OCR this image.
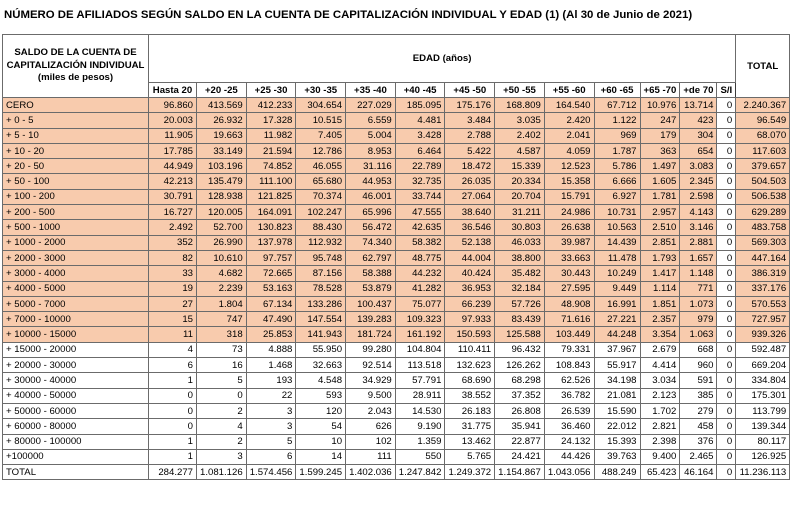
NÚMERO DE AFILIADOS SEGÚN SALDO EN LA CUENTA DE CAPITALIZACIÓN INDIVIDUAL Y EDAD (1) (Al 30 de Junio de 2021)
SALDO DE LA CUENTA DE CAPITALIZACIÓN INDIVIDUAL (miles de pesos)	EDAD (años)													TOTAL
	Hasta 20	+20 -25	+25 -30	+30 -35	+35 -40	+40 -45	+45 -50	+50 -55	+55 -60	+60 -65	+65 -70	+de 70	S/I	
CERO	96.860	413.569	412.233	304.654	227.029	185.095	175.176	168.809	164.540	67.712	10.976	13.714	0	2.240.367
+ 0 - 5	20.003	26.932	17.328	10.515	6.559	4.481	3.484	3.035	2.420	1.122	247	423	0	96.549
+ 5 - 10	11.905	19.663	11.982	7.405	5.004	3.428	2.788	2.402	2.041	969	179	304	0	68.070
+ 10 - 20	17.785	33.149	21.594	12.786	8.953	6.464	5.422	4.587	4.059	1.787	363	654	0	117.603
+ 20 - 50	44.949	103.196	74.852	46.055	31.116	22.789	18.472	15.339	12.523	5.786	1.497	3.083	0	379.657
+ 50 - 100	42.213	135.479	111.100	65.680	44.953	32.735	26.035	20.334	15.358	6.666	1.605	2.345	0	504.503
+ 100 - 200	30.791	128.938	121.825	70.374	46.001	33.744	27.064	20.704	15.791	6.927	1.781	2.598	0	506.538
+ 200 - 500	16.727	120.005	164.091	102.247	65.996	47.555	38.640	31.211	24.986	10.731	2.957	4.143	0	629.289
+ 500 - 1000	2.492	52.700	130.823	88.430	56.472	42.635	36.546	30.803	26.638	10.563	2.510	3.146	0	483.758
+ 1000 - 2000	352	26.990	137.978	112.932	74.340	58.382	52.138	46.033	39.987	14.439	2.851	2.881	0	569.303
+ 2000 - 3000	82	10.610	97.757	95.748	62.797	48.775	44.004	38.800	33.663	11.478	1.793	1.657	0	447.164
+ 3000 - 4000	33	4.682	72.665	87.156	58.388	44.232	40.424	35.482	30.443	10.249	1.417	1.148	0	386.319
+ 4000 - 5000	19	2.239	53.163	78.528	53.879	41.282	36.953	32.184	27.595	9.449	1.114	771	0	337.176
+ 5000 - 7000	27	1.804	67.134	133.286	100.437	75.077	66.239	57.726	48.908	16.991	1.851	1.073	0	570.553
+ 7000 - 10000	15	747	47.490	147.554	139.283	109.323	97.933	83.439	71.616	27.221	2.357	979	0	727.957
+ 10000 - 15000	11	318	25.853	141.943	181.724	161.192	150.593	125.588	103.449	44.248	3.354	1.063	0	939.326
+ 15000 - 20000	4	73	4.888	55.950	99.280	104.804	110.411	96.432	79.331	37.967	2.679	668	0	592.487
+ 20000 - 30000	6	16	1.468	32.663	92.514	113.518	132.623	126.262	108.843	55.917	4.414	960	0	669.204
+ 30000 - 40000	1	5	193	4.548	34.929	57.791	68.690	68.298	62.526	34.198	3.034	591	0	334.804
+ 40000 - 50000	0	0	22	593	9.500	28.911	38.552	37.352	36.782	21.081	2.123	385	0	175.301
+ 50000 - 60000	0	2	3	120	2.043	14.530	26.183	26.808	26.539	15.590	1.702	279	0	113.799
+ 60000 - 80000	0	4	3	54	626	9.190	31.775	35.941	36.460	22.012	2.821	458	0	139.344
+ 80000 - 100000	1	2	5	10	102	1.359	13.462	22.877	24.132	15.393	2.398	376	0	80.117
+100000	1	3	6	14	111	550	5.765	24.421	44.426	39.763	9.400	2.465	0	126.925
TOTAL	284.277	1.081.126	1.574.456	1.599.245	1.402.036	1.247.842	1.249.372	1.154.867	1.043.056	488.249	65.423	46.164	0	11.236.113
